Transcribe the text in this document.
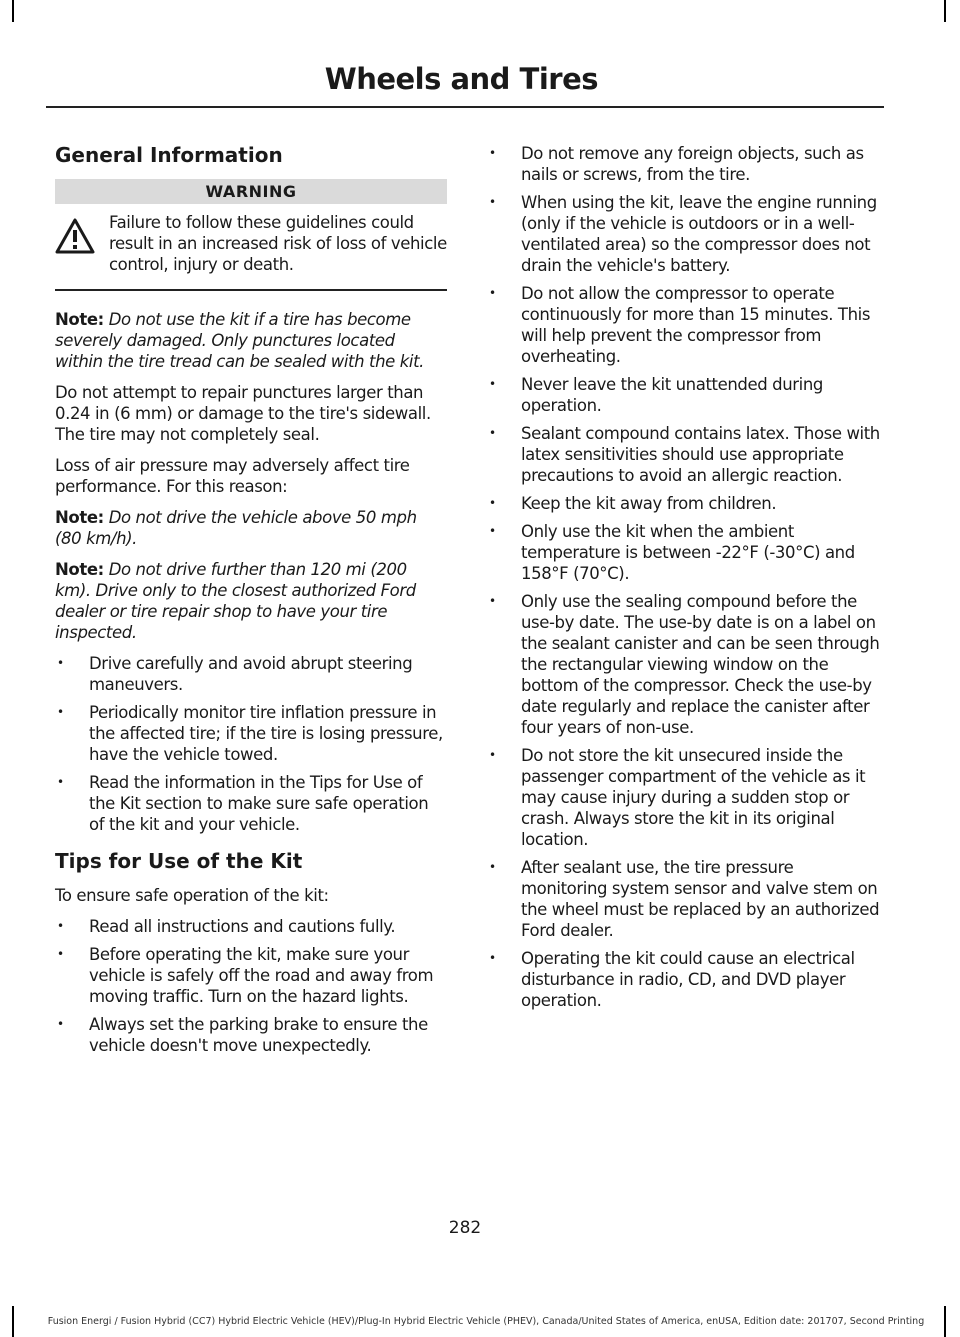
Wheels and Tires
General Information
WARNING

Failure to follow these guidelines could result in an increased risk of loss of vehicle control, injury or death.

Note: Do not use the kit if a tire has become severely damaged. Only punctures located within the tire tread can be sealed with the kit.

Do not attempt to repair punctures larger than 0.24 in (6 mm) or damage to the tire's sidewall. The tire may not completely seal.

Loss of air pressure may adversely affect tire performance. For this reason:

Note: Do not drive the vehicle above 50 mph (80 km/h).

Note: Do not drive further than 120 mi (200 km). Drive only to the closest authorized Ford dealer or tire repair shop to have your tire inspected.

• Drive carefully and avoid abrupt steering maneuvers.
• Periodically monitor tire inflation pressure in the affected tire; if the tire is losing pressure, have the vehicle towed.
• Read the information in the Tips for Use of the Kit section to make sure safe operation of the kit and your vehicle.
Tips for Use of the Kit

To ensure safe operation of the kit:

• Read all instructions and cautions fully.
• Before operating the kit, make sure your vehicle is safely off the road and away from moving traffic. Turn on the hazard lights.
• Always set the parking brake to ensure the vehicle doesn't move unexpectedly.
• Do not remove any foreign objects, such as nails or screws, from the tire.
• When using the kit, leave the engine running (only if the vehicle is outdoors or in a well-ventilated area) so the compressor does not drain the vehicle's battery.
• Do not allow the compressor to operate continuously for more than 15 minutes. This will help prevent the compressor from overheating.
• Never leave the kit unattended during operation.
• Sealant compound contains latex. Those with latex sensitivities should use appropriate precautions to avoid an allergic reaction.
• Keep the kit away from children.
• Only use the kit when the ambient temperature is between -22°F (-30°C) and 158°F (70°C).
• Only use the sealing compound before the use-by date. The use-by date is on a label on the sealant canister and can be seen through the rectangular viewing window on the bottom of the compressor. Check the use-by date regularly and replace the canister after four years of non-use.
• Do not store the kit unsecured inside the passenger compartment of the vehicle as it may cause injury during a sudden stop or crash. Always store the kit in its original location.
• After sealant use, the tire pressure monitoring system sensor and valve stem on the wheel must be replaced by an authorized Ford dealer.
• Operating the kit could cause an electrical disturbance in radio, CD, and DVD player operation.
282
Fusion Energi / Fusion Hybrid (CC7) Hybrid Electric Vehicle (HEV)/Plug-In Hybrid Electric Vehicle (PHEV), Canada/United States of America, enUSA, Edition date: 201707, Second Printing
